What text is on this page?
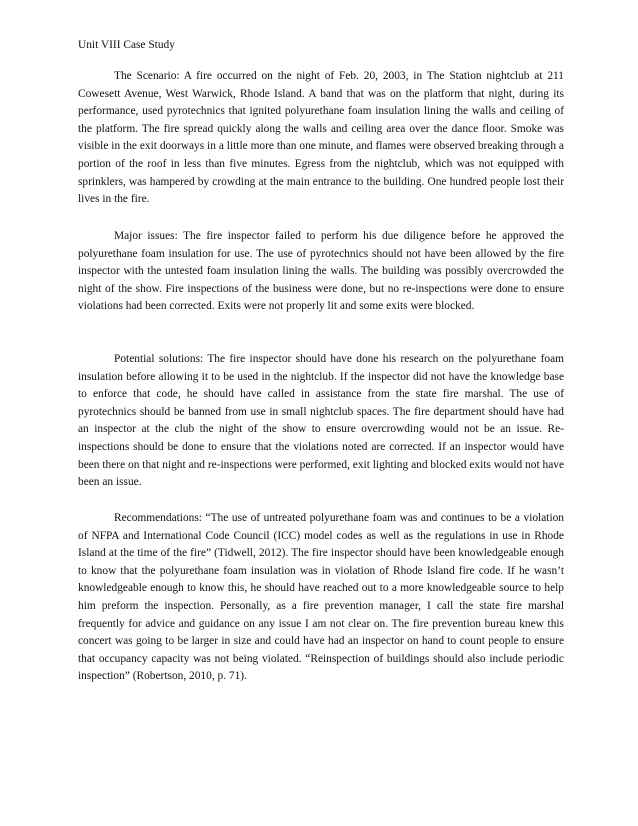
Unit VIII Case Study

The Scenario: A fire occurred on the night of Feb. 20, 2003, in The Station nightclub at 211 Cowesett Avenue, West Warwick, Rhode Island. A band that was on the platform that night, during its performance, used pyrotechnics that ignited polyurethane foam insulation lining the walls and ceiling of the platform. The fire spread quickly along the walls and ceiling area over the dance floor. Smoke was visible in the exit doorways in a little more than one minute, and flames were observed breaking through a portion of the roof in less than five minutes. Egress from the nightclub, which was not equipped with sprinklers, was hampered by crowding at the main entrance to the building. One hundred people lost their lives in the fire.

Major issues: The fire inspector failed to perform his due diligence before he approved the polyurethane foam insulation for use. The use of pyrotechnics should not have been allowed by the fire inspector with the untested foam insulation lining the walls. The building was possibly overcrowded the night of the show. Fire inspections of the business were done, but no re-inspections were done to ensure violations had been corrected. Exits were not properly lit and some exits were blocked.

Potential solutions: The fire inspector should have done his research on the polyurethane foam insulation before allowing it to be used in the nightclub. If the inspector did not have the knowledge base to enforce that code, he should have called in assistance from the state fire marshal. The use of pyrotechnics should be banned from use in small nightclub spaces. The fire department should have had an inspector at the club the night of the show to ensure overcrowding would not be an issue. Re-inspections should be done to ensure that the violations noted are corrected. If an inspector would have been there on that night and re-inspections were performed, exit lighting and blocked exits would not have been an issue.

Recommendations: “The use of untreated polyurethane foam was and continues to be a violation of NFPA and International Code Council (ICC) model codes as well as the regulations in use in Rhode Island at the time of the fire” (Tidwell, 2012). The fire inspector should have been knowledgeable enough to know that the polyurethane foam insulation was in violation of Rhode Island fire code. If he wasn’t knowledgeable enough to know this, he should have reached out to a more knowledgeable source to help him preform the inspection. Personally, as a fire prevention manager, I call the state fire marshal frequently for advice and guidance on any issue I am not clear on. The fire prevention bureau knew this concert was going to be larger in size and could have had an inspector on hand to count people to ensure that occupancy capacity was not being violated. “Reinspection of buildings should also include periodic inspection” (Robertson, 2010, p. 71).
